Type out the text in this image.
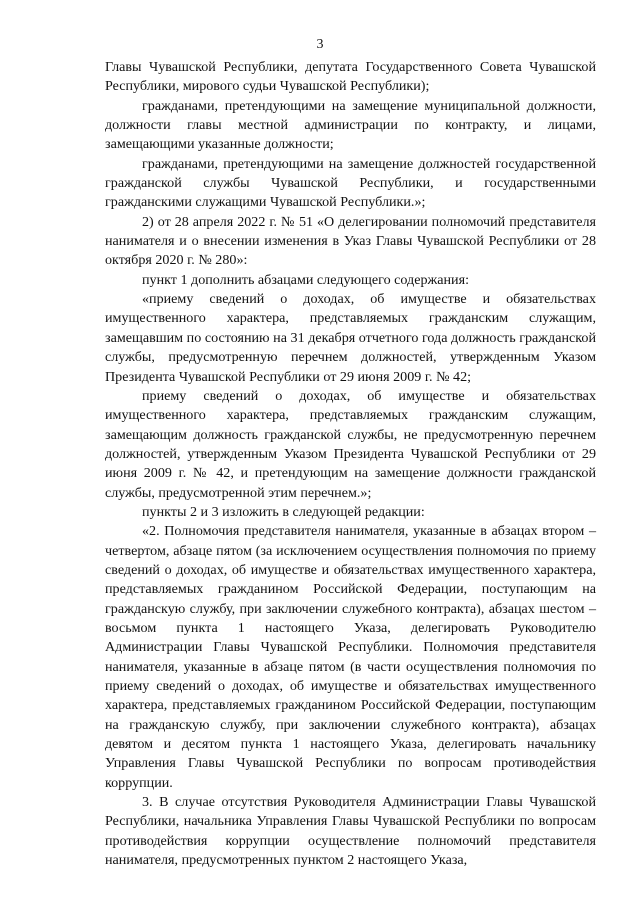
3

Главы Чувашской Республики, депутата Государственного Совета Чувашской Республики, мирового судьи Чувашской Республики);

гражданами, претендующими на замещение муниципальной должности, должности главы местной администрации по контракту, и лицами, замещающими указанные должности;

гражданами, претендующими на замещение должностей государственной гражданской службы Чувашской Республики, и государственными гражданскими служащими Чувашской Республики.»;

2) от 28 апреля 2022 г. № 51 «О делегировании полномочий представителя нанимателя и о внесении изменения в Указ Главы Чувашской Республики от 28 октября 2020 г. № 280»:

пункт 1 дополнить абзацами следующего содержания:

«приему сведений о доходах, об имуществе и обязательствах имущественного характера, представляемых гражданским служащим, замещавшим по состоянию на 31 декабря отчетного года должность гражданской службы, предусмотренную перечнем должностей, утвержденным Указом Президента Чувашской Республики от 29 июня 2009 г. № 42;

приему сведений о доходах, об имуществе и обязательствах имущественного характера, представляемых гражданским служащим, замещающим должность гражданской службы, не предусмотренную перечнем должностей, утвержденным Указом Президента Чувашской Республики от 29 июня 2009 г. № 42, и претендующим на замещение должности гражданской службы, предусмотренной этим перечнем.»;

пункты 2 и 3 изложить в следующей редакции:

«2. Полномочия представителя нанимателя, указанные в абзацах втором – четвертом, абзаце пятом (за исключением осуществления полномочия по приему сведений о доходах, об имуществе и обязательствах имущественного характера, представляемых гражданином Российской Федерации, поступающим на гражданскую службу, при заключении служебного контракта), абзацах шестом – восьмом пункта 1 настоящего Указа, делегировать Руководителю Администрации Главы Чувашской Республики. Полномочия представителя нанимателя, указанные в абзаце пятом (в части осуществления полномочия по приему сведений о доходах, об имуществе и обязательствах имущественного характера, представляемых гражданином Российской Федерации, поступающим на гражданскую службу, при заключении служебного контракта), абзацах девятом и десятом пункта 1 настоящего Указа, делегировать начальнику Управления Главы Чувашской Республики по вопросам противодействия коррупции.

3. В случае отсутствия Руководителя Администрации Главы Чувашской Республики, начальника Управления Главы Чувашской Республики по вопросам противодействия коррупции осуществление полномочий представителя нанимателя, предусмотренных пунктом 2 настоящего Указа,
